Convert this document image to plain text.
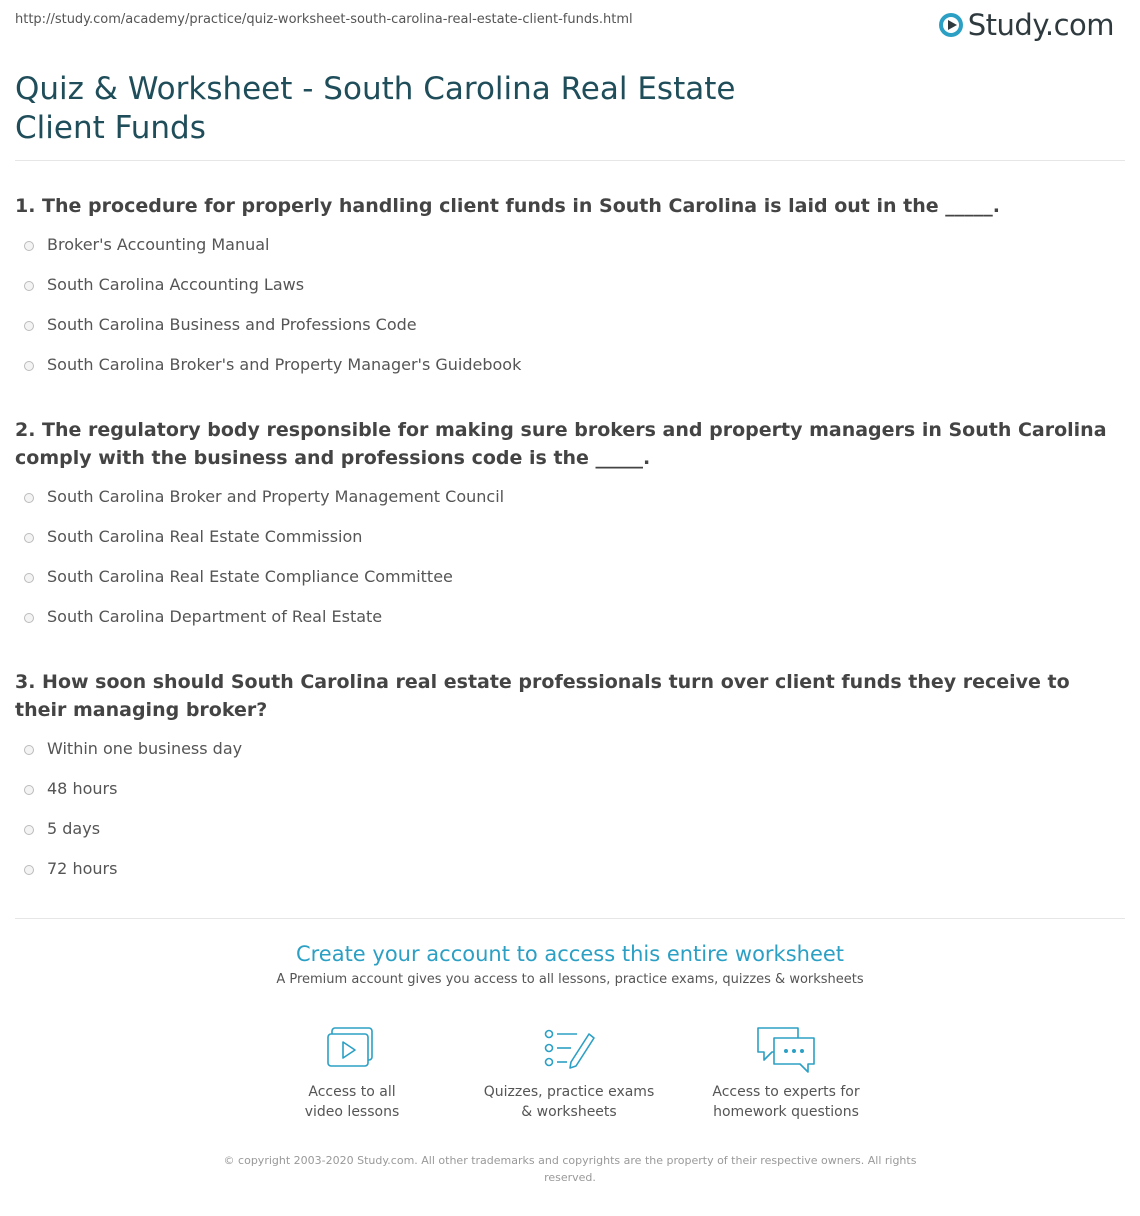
http://study.com/academy/practice/quiz-worksheet-south-carolina-real-estate-client-funds.html	Study.com
Quiz & Worksheet - South Carolina Real Estate Client Funds

1. The procedure for properly handling client funds in South Carolina is laid out in the _____.

Broker's Accounting Manual
South Carolina Accounting Laws
South Carolina Business and Professions Code
South Carolina Broker's and Property Manager's Guidebook

2. The regulatory body responsible for making sure brokers and property managers in South Carolina comply with the business and professions code is the _____.

South Carolina Broker and Property Management Council
South Carolina Real Estate Commission
South Carolina Real Estate Compliance Committee
South Carolina Department of Real Estate

3. How soon should South Carolina real estate professionals turn over client funds they receive to their managing broker?

Within one business day
48 hours
5 days
72 hours
Create your account to access this entire worksheet
A Premium account gives you access to all lessons, practice exams, quizzes & worksheets
Access to all
video lessons
Quizzes, practice exams
& worksheets
Access to experts for
homework questions
© copyright 2003-2020 Study.com. All other trademarks and copyrights are the property of their respective owners. All rights reserved.
